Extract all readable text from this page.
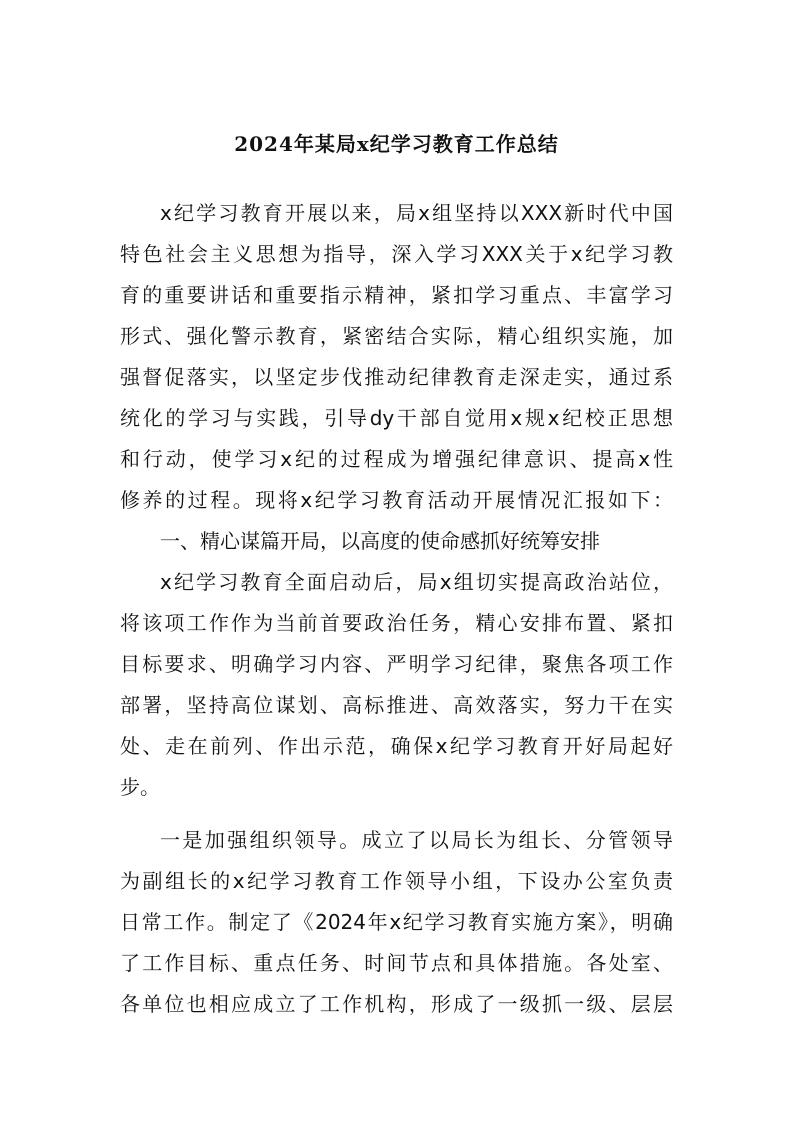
2024年某局x纪学习教育工作总结
x纪学习教育开展以来，局x组坚持以XXX新时代中国
特色社会主义思想为指导，深入学习XXX关于x纪学习教
育的重要讲话和重要指示精神，紧扣学习重点、丰富学习
形式、强化警示教育，紧密结合实际，精心组织实施，加
强督促落实，以坚定步伐推动纪律教育走深走实，通过系
统化的学习与实践，引导dy干部自觉用x规x纪校正思想
和行动，使学习x纪的过程成为增强纪律意识、提高x性
修养的过程。现将x纪学习教育活动开展情况汇报如下：
一、精心谋篇开局，以高度的使命感抓好统筹安排
x纪学习教育全面启动后，局x组切实提高政治站位，
将该项工作作为当前首要政治任务，精心安排布置、紧扣
目标要求、明确学习内容、严明学习纪律，聚焦各项工作
部署，坚持高位谋划、高标推进、高效落实，努力干在实
处、走在前列、作出示范，确保x纪学习教育开好局起好
步。
一是加强组织领导。成立了以局长为组长、分管领导
为副组长的x纪学习教育工作领导小组，下设办公室负责
日常工作。制定了《2024年x纪学习教育实施方案》，明确
了工作目标、重点任务、时间节点和具体措施。各处室、
各单位也相应成立了工作机构，形成了一级抓一级、层层
